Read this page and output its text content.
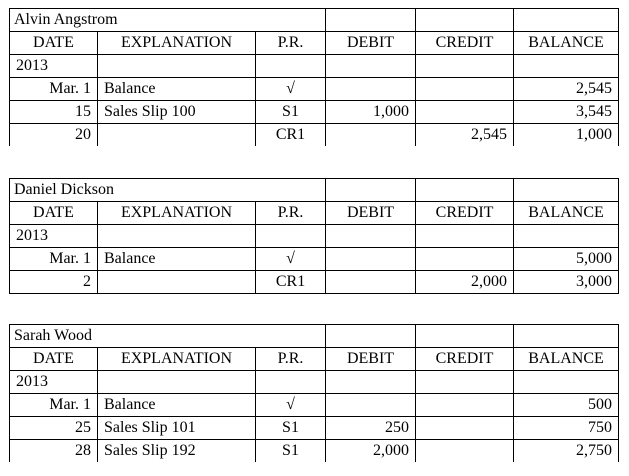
Alvin Angstrom					
DATE	EXPLANATION	P.R.	DEBIT	CREDIT	BALANCE
2013					
Mar. 1	Balance	√			2,545
15	Sales Slip 100	S1	1,000		3,545
20		CR1		2,545	1,000
Daniel Dickson					
DATE	EXPLANATION	P.R.	DEBIT	CREDIT	BALANCE
2013					
Mar. 1	Balance	√			5,000
2		CR1		2,000	3,000
Sarah Wood					
DATE	EXPLANATION	P.R.	DEBIT	CREDIT	BALANCE
2013					
Mar. 1	Balance	√			500
25	Sales Slip 101	S1	250		750
28	Sales Slip 192	S1	2,000		2,750
